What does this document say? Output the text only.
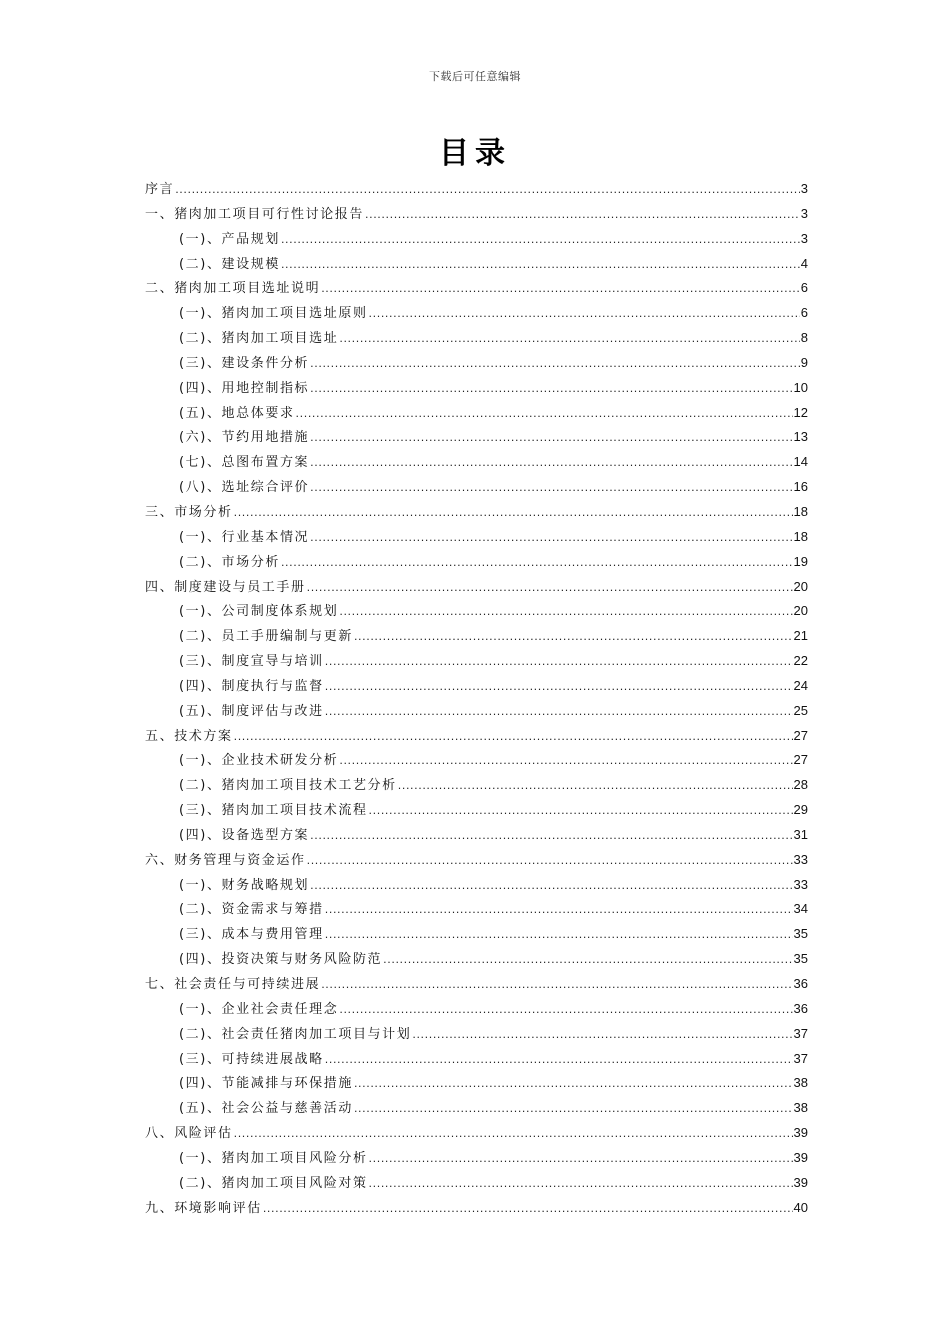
下载后可任意编辑
目录
序言 .....	3
一、猪肉加工项目可行性讨论报告 .....	3
(一)、产品规划 .....	3
(二)、建设规模 .....	4
二、猪肉加工项目选址说明 .....	6
(一)、猪肉加工项目选址原则 .....	6
(二)、猪肉加工项目选址 .....	8
(三)、建设条件分析 .....	9
(四)、用地控制指标 .....	10
(五)、地总体要求 .....	12
(六)、节约用地措施 .....	13
(七)、总图布置方案 .....	14
(八)、选址综合评价 .....	16
三、市场分析 .....	18
(一)、行业基本情况 .....	18
(二)、市场分析 .....	19
四、制度建设与员工手册 .....	20
(一)、公司制度体系规划 .....	20
(二)、员工手册编制与更新 .....	21
(三)、制度宣导与培训 .....	22
(四)、制度执行与监督 .....	24
(五)、制度评估与改进 .....	25
五、技术方案 .....	27
(一)、企业技术研发分析 .....	27
(二)、猪肉加工项目技术工艺分析 .....	28
(三)、猪肉加工项目技术流程 .....	29
(四)、设备选型方案 .....	31
六、财务管理与资金运作 .....	33
(一)、财务战略规划 .....	33
(二)、资金需求与筹措 .....	34
(三)、成本与费用管理 .....	35
(四)、投资决策与财务风险防范 .....	35
七、社会责任与可持续进展 .....	36
(一)、企业社会责任理念 .....	36
(二)、社会责任猪肉加工项目与计划 .....	37
(三)、可持续进展战略 .....	37
(四)、节能减排与环保措施 .....	38
(五)、社会公益与慈善活动 .....	38
八、风险评估 .....	39
(一)、猪肉加工项目风险分析 .....	39
(二)、猪肉加工项目风险对策 .....	39
九、环境影响评估 .....	40
